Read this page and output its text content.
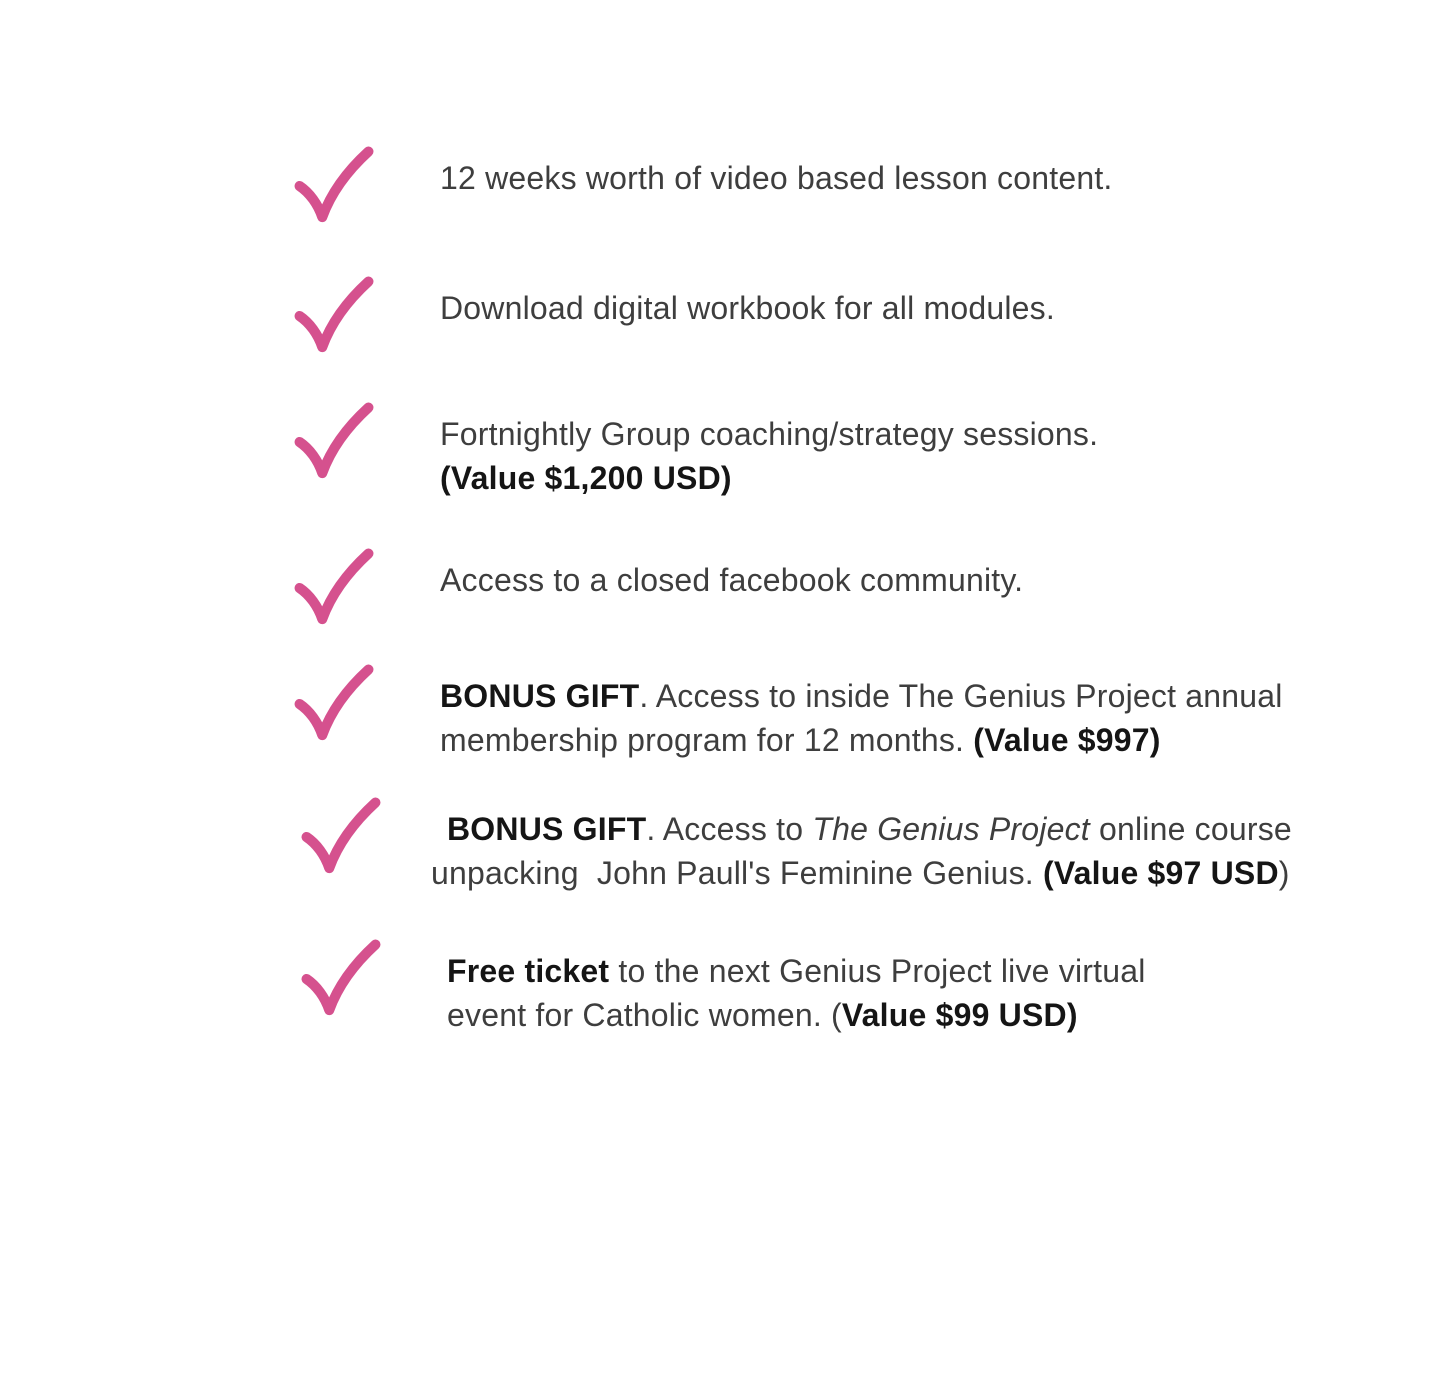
12 weeks worth of video based lesson content.
Download digital workbook for all modules.
Fortnightly Group coaching/strategy sessions.
(Value $1,200 USD)
Access to a closed facebook community.
BONUS GIFT. Access to inside The Genius Project annual
membership program for 12 months. (Value $997)
BONUS GIFT. Access to The Genius Project online course
unpacking  John Paull's Feminine Genius. (Value $97 USD)
Free ticket to the next Genius Project live virtual
event for Catholic women. (Value $99 USD)
